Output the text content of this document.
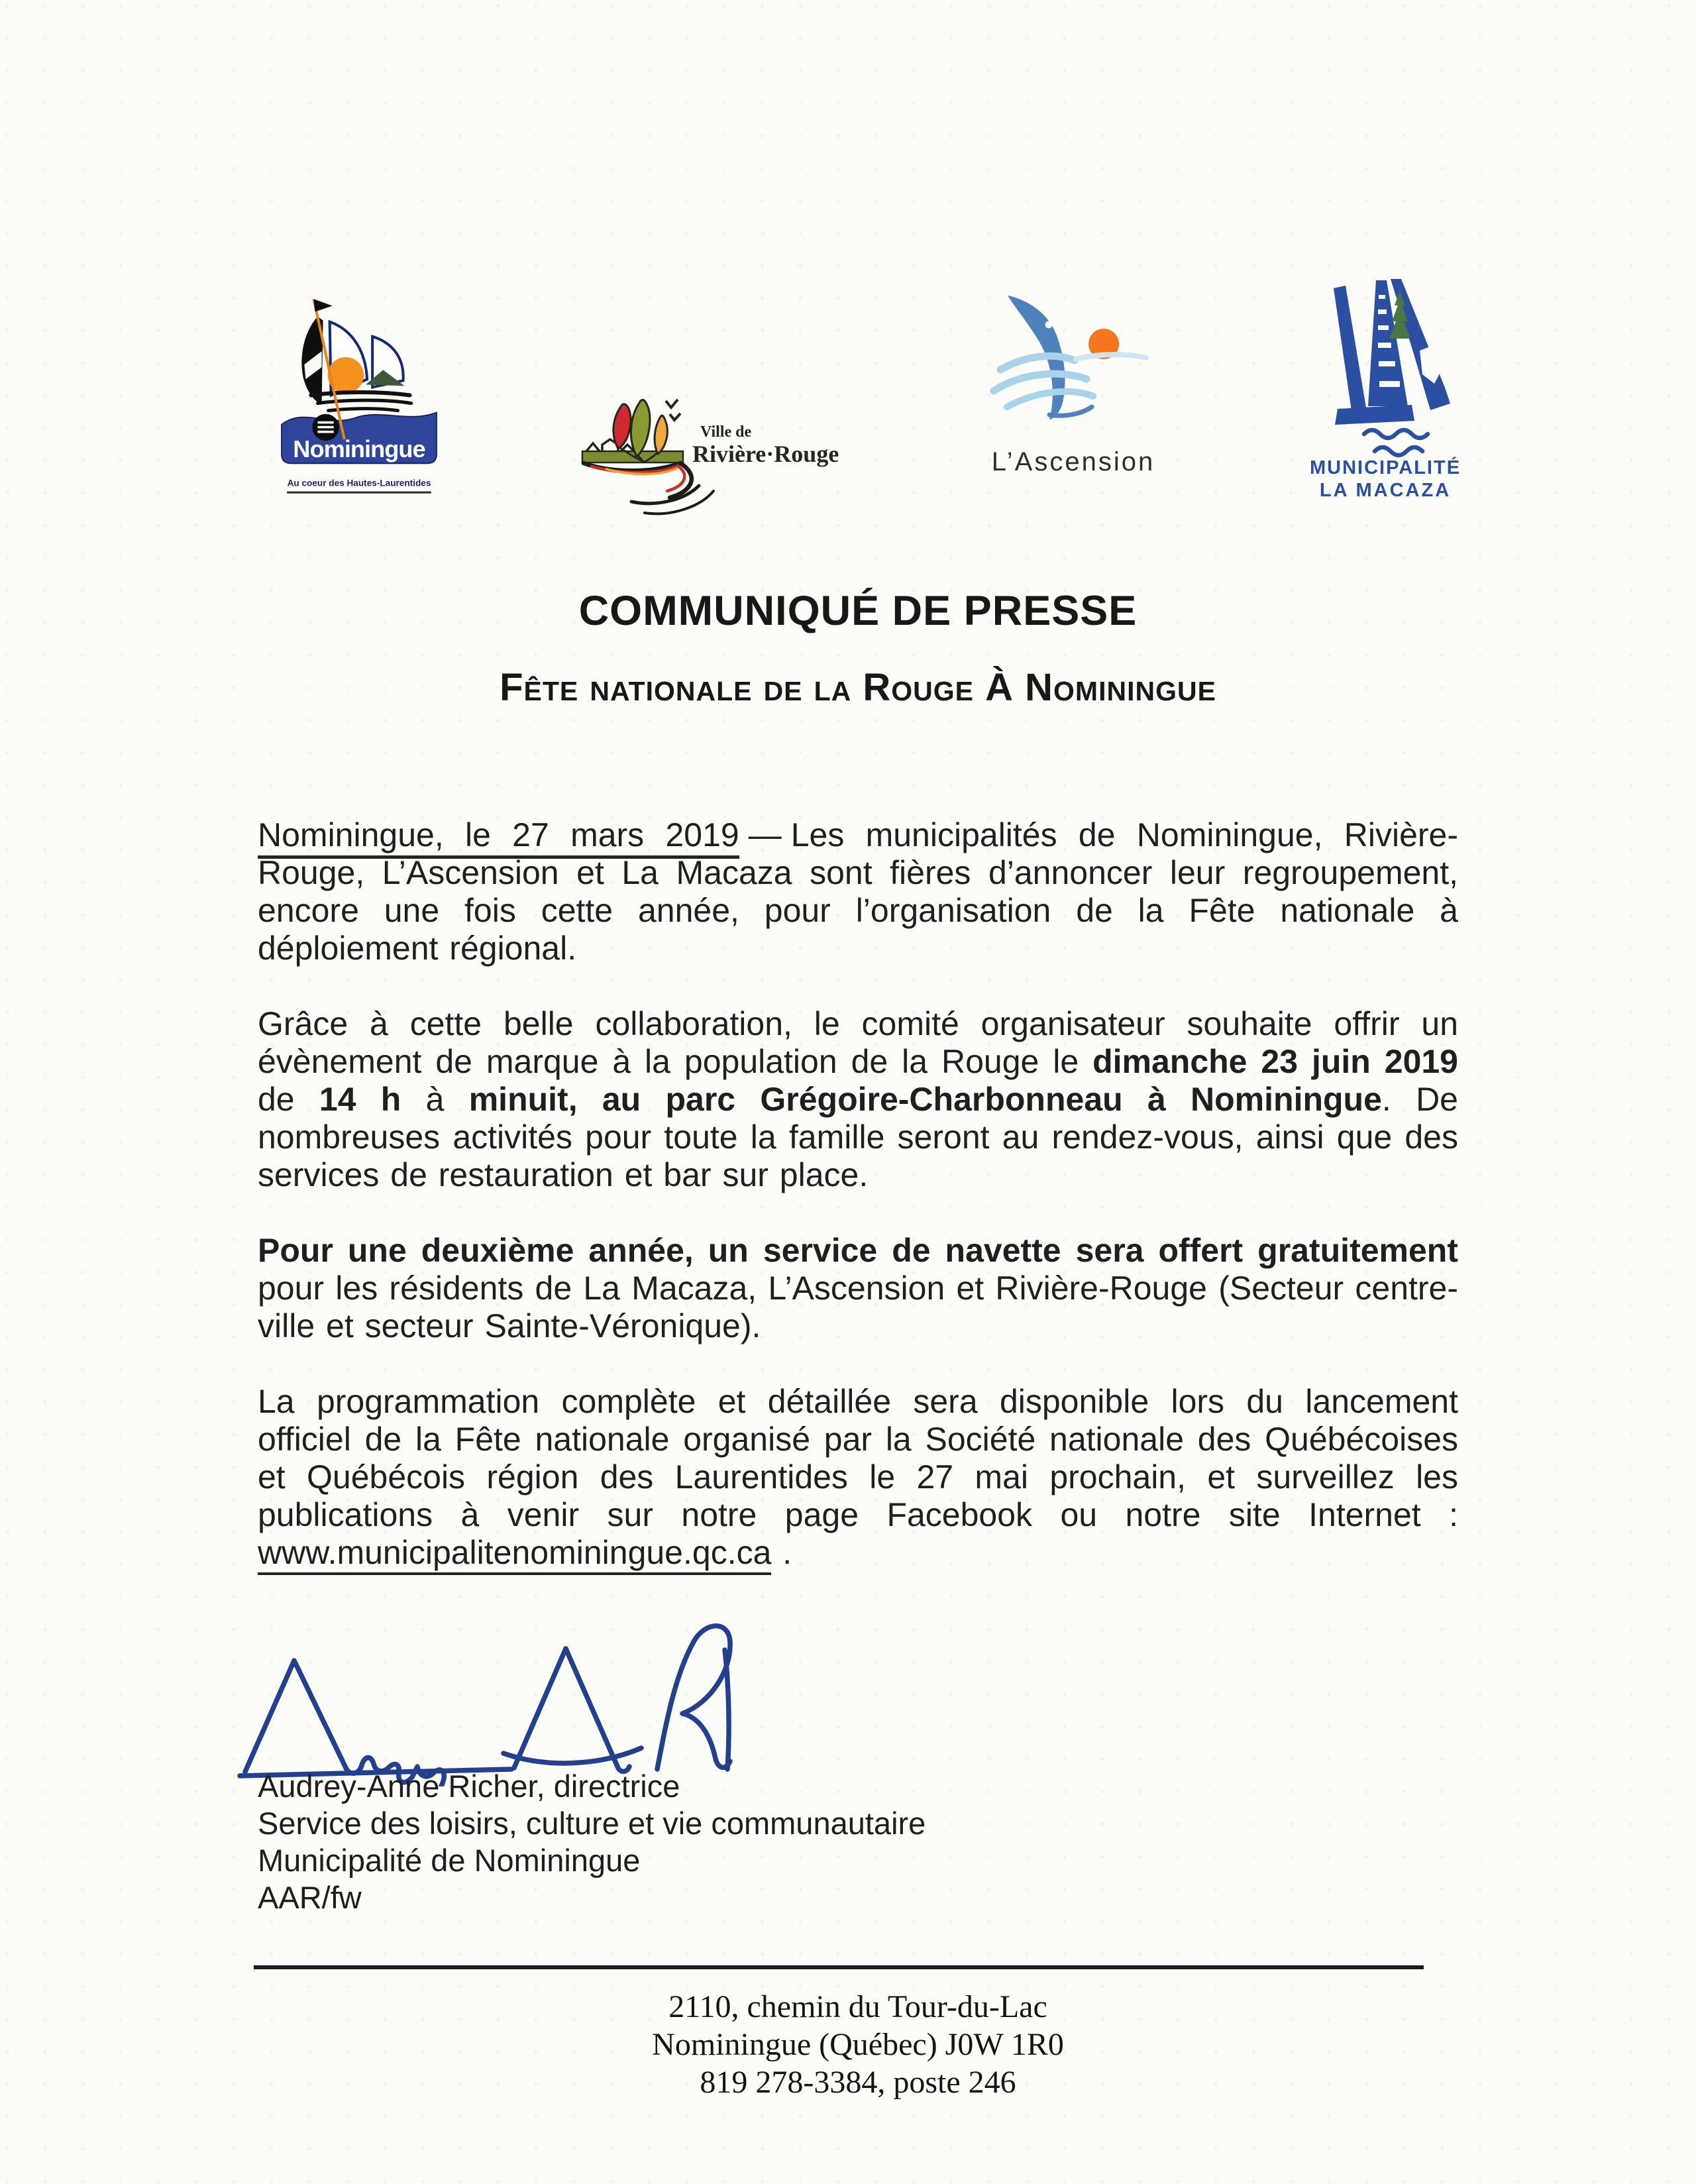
Nominingue
Au coeur des Hautes-Laurentides
Ville de
Rivière·Rouge	L’Ascension	MUNICIPALITÉ
LA MACAZA
COMMUNIQUÉ DE PRESSE
Fête nationale de la Rouge À Nominingue

Nominingue, le 27 mars 2019 — Les municipalités de Nominingue, Rivière-Rouge, L’Ascension et La Macaza sont fières d’annoncer leur regroupement, encore une fois cette année, pour l’organisation de la Fête nationale à déploiement régional.

Grâce à cette belle collaboration, le comité organisateur souhaite offrir un évènement de marque à la population de la Rouge le dimanche 23 juin 2019 de 14 h à minuit, au parc Grégoire-Charbonneau à Nominingue. De nombreuses activités pour toute la famille seront au rendez-vous, ainsi que des services de restauration et bar sur place.

Pour une deuxième année, un service de navette sera offert gratuitement pour les résidents de La Macaza, L’Ascension et Rivière-Rouge (Secteur centre-ville et secteur Sainte-Véronique).

La programmation complète et détaillée sera disponible lors du lancement officiel de la Fête nationale organisé par la Société nationale des Québécoises et Québécois région des Laurentides le 27 mai prochain, et surveillez les publications à venir sur notre page Facebook ou notre site Internet : www.municipalitenominingue.qc.ca .

Audrey-Anne Richer, directrice
Service des loisirs, culture et vie communautaire
Municipalité de Nominingue
AAR/fw
2110, chemin du Tour-du-Lac
Nominingue (Québec) J0W 1R0
819 278-3384, poste 246
